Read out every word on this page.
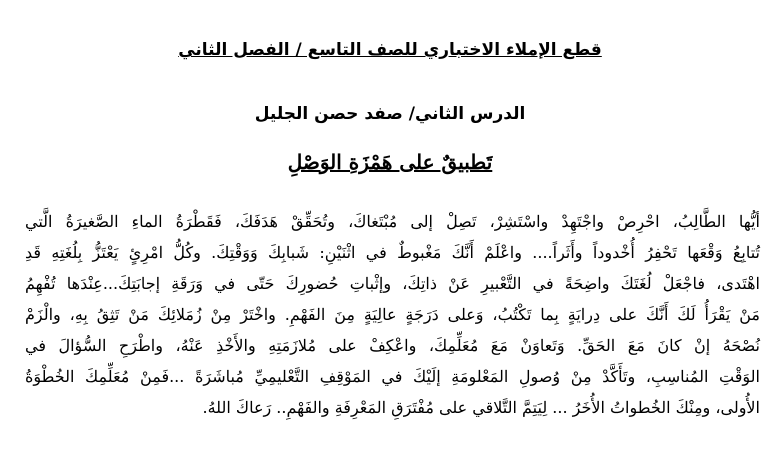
قطع الإملاء الاختباري للصف التاسع / الفصل الثاني
الدرس الثاني/ صفد حصن الجليل
تَطبيقٌ على هَمْزَةِ الوَصْلِ
أيُّها الطَّالِبُ، احْرِصْ واجْتَهِدْ واسْتَشِرْ، تَصِلْ إلى مُبْتَغاكَ، وتُحَقِّقْ هَدَفَكَ، فَقَطْرَةُ الماءِ الصَّغيرَةُ الَّتي
تُتابِعُ وَقْعَها تَحْفِرُ أُخْدوداً وأَثَراً.... واعْلَمْ أَنَّكَ مَغْبوطٌ في اثْنَيْنِ: شَبابِكَ وَوَقْتِكَ. وكُلُّ امْرِئٍ يَعْتَزُّ بِلُغَتِهِ قَدِ
اهْتَدى، فاجْعَلْ لُغَتَكَ واضِحَةً في التَّعْبيرِ عَنْ ذاتِكَ، وإثْباتِ حُضورِكَ حَتّى في وَرَقَةِ إجابَتِكَ...عِنْدَها تُفْهِمُ
مَنْ يَقْرَأُ لَكَ أَنَّكَ على دِرايَةٍ بِما تَكْتُبُ، وَعلى دَرَجَةٍ عالِيَةٍ مِنَ الفَهْمِ. واخْتَرْ مِنْ زُمَلائِكَ مَنْ تَثِقُ بِهِ، والْزَمْ
نُصْحَهُ إنْ كانَ مَعَ الحَقِّ. وَتَعاوَنْ مَعَ مُعَلِّمِكَ، واعْكِفْ على مُلازَمَتِهِ والأَخْذِ عَنْهُ، واطْرَحِ السُّؤالَ في
الوَقْتِ المُناسِبِ، وتَأَكَّدْ مِنْ وُصولِ المَعْلومَةِ إلَيْكَ في المَوْقِفِ التَّعْليمِيِّ مُباشَرَةً ...فَمِنْ مُعَلِّمِكَ الخُطْوَةُ
الأُولى، ومِنْكَ الخُطواتُ الأُخَرُ ... لِيَتِمَّ التَّلاقي على مُفْتَرَقِ المَعْرِفَةِ والفَهْمِ.. رَعاكَ اللهُ.
